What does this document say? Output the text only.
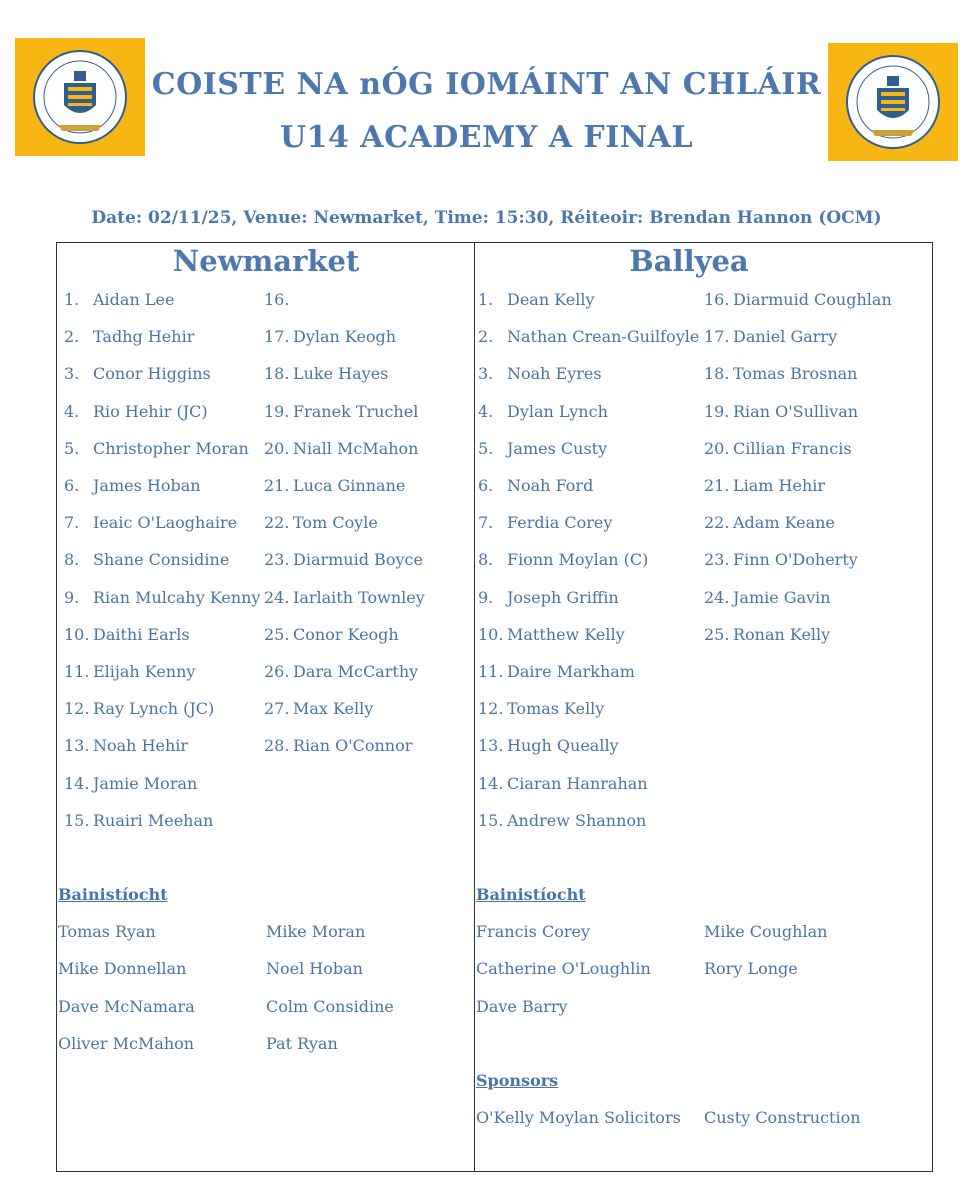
COISTE NA nÓG IOMÁINT AN CHLÁIR
U14 ACADEMY A FINAL
Date: 02/11/25, Venue: Newmarket, Time: 15:30, Réiteoir: Brendan Hannon (OCM)
Newmarket	Ballyea
1. Aidan Lee
2. Tadhg Hehir
3. Conor Higgins
4. Rio Hehir (JC)
5. Christopher Moran
6. James Hoban
7. Ieaic O'Laoghaire
8. Shane Considine
9. Rian Mulcahy Kenny
10. Daithi Earls
11. Elijah Kenny
12. Ray Lynch (JC)
13. Noah Hehir
14. Jamie Moran
15. Ruairi Meehan
16.
17. Dylan Keogh
18. Luke Hayes
19. Franek Truchel
20. Niall McMahon
21. Luca Ginnane
22. Tom Coyle
23. Diarmuid Boyce
24. Iarlaith Townley
25. Conor Keogh
26. Dara McCarthy
27. Max Kelly
28. Rian O'Connor
1. Dean Kelly
2. Nathan Crean-Guilfoyle
3. Noah Eyres
4. Dylan Lynch
5. James Custy
6. Noah Ford
7. Ferdia Corey
8. Fionn Moylan (C)
9. Joseph Griffin
10. Matthew Kelly
11. Daire Markham
12. Tomas Kelly
13. Hugh Queally
14. Ciaran Hanrahan
15. Andrew Shannon
16. Diarmuid Coughlan
17. Daniel Garry
18. Tomas Brosnan
19. Rian O'Sullivan
20. Cillian Francis
21. Liam Hehir
22. Adam Keane
23. Finn O'Doherty
24. Jamie Gavin
25. Ronan Kelly
Bainistíocht	Bainistíocht
Tomas Ryan
Mike Donnellan
Dave McNamara
Oliver McMahon
Mike Moran
Noel Hoban
Colm Considine
Pat Ryan
Francis Corey
Catherine O'Loughlin
Dave Barry
Mike Coughlan
Rory Longe
Sponsors
O'Kelly Moylan Solicitors Custy Construction
